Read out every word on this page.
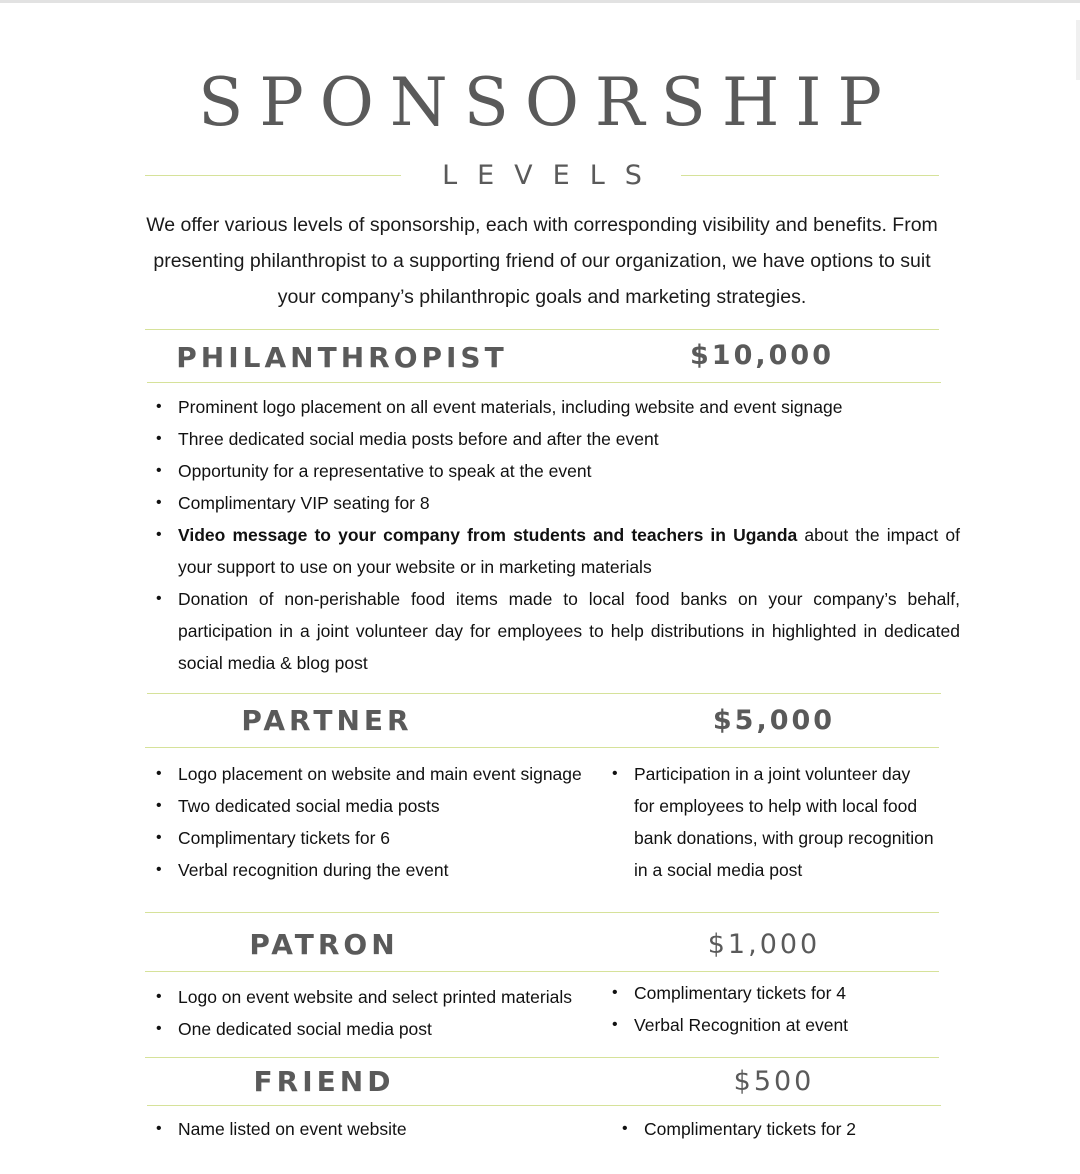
SPONSORSHIP
LEVELS
We offer various levels of sponsorship, each with corresponding visibility and benefits. From presenting philanthropist to a supporting friend of our organization, we have options to suit your company’s philanthropic goals and marketing strategies.
PHILANTHROPIST	$10,000
• Prominent logo placement on all event materials, including website and event signage
• Three dedicated social media posts before and after the event
• Opportunity for a representative to speak at the event
• Complimentary VIP seating for 8
• Video message to your company from students and teachers in Uganda about the impact of your support to use on your website or in marketing materials
• Donation of non-perishable food items made to local food banks on your company’s behalf, participation in a joint volunteer day for employees to help distributions in highlighted in dedicated social media & blog post
PARTNER	$5,000
• Logo placement on website and main event signage
• Two dedicated social media posts
• Complimentary tickets for 6
• Verbal recognition during the event
• Participation in a joint volunteer day for employees to help with local food bank donations, with group recognition in a social media post
PATRON	$1,000
• Logo on event website and select printed materials
• One dedicated social media post
• Complimentary tickets for 4
• Verbal Recognition at event
FRIEND	$500
• Name listed on event website
•	Complimentary tickets for 2
